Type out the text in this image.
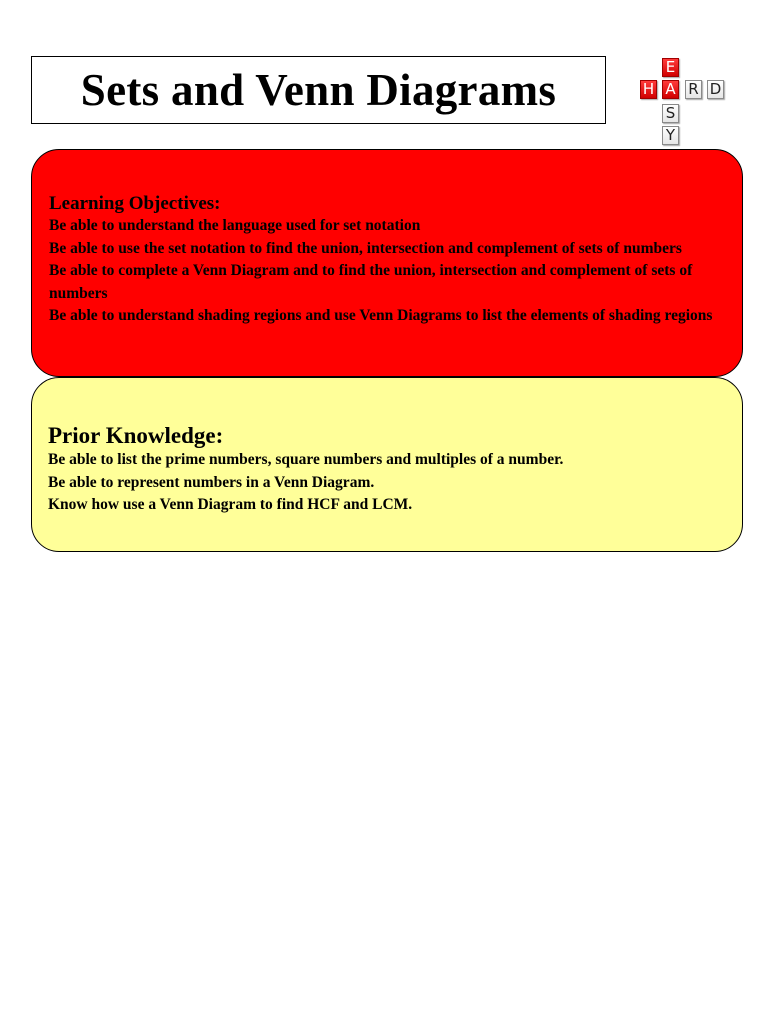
Sets and Venn Diagrams	E
A
S
Y
H R D

Learning Objectives:

Be able to understand the language used for set notation
Be able to use the set notation to find the union, intersection and complement of sets of numbers
Be able to complete a Venn Diagram and to find the union, intersection and complement of sets of numbers
Be able to understand shading regions and use Venn Diagrams to list the elements of shading regions

Prior Knowledge:

Be able to list the prime numbers, square numbers and multiples of a number.
Be able to represent numbers in a Venn Diagram.
Know how use a Venn Diagram to find HCF and LCM.
